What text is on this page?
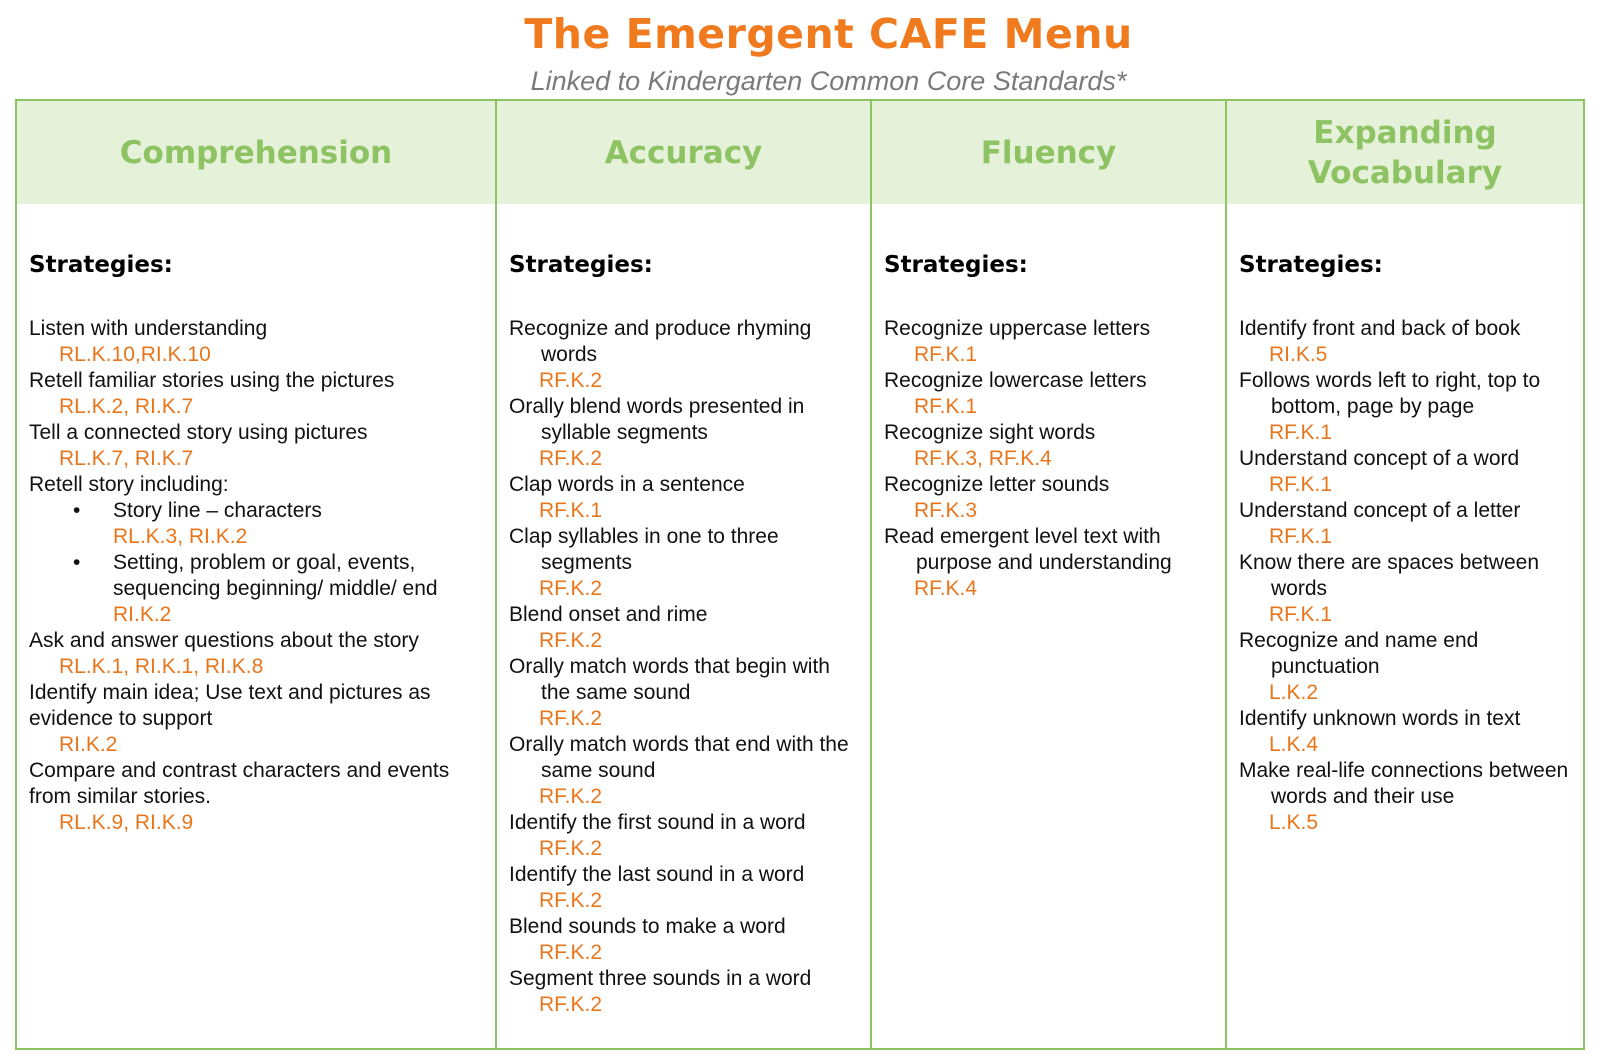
The Emergent CAFE Menu
Linked to Kindergarten Common Core Standards*
Comprehension
Strategies:
Listen with understanding
RL.K.10,RI.K.10
Retell familiar stories using the pictures
RL.K.2, RI.K.7
Tell a connected story using pictures
RL.K.7, RI.K.7
Retell story including:
• Story line – characters
RL.K.3, RI.K.2
• Setting, problem or goal, events, sequencing beginning/ middle/ end
RI.K.2
Ask and answer questions about the story
RL.K.1, RI.K.1, RI.K.8
Identify main idea; Use text and pictures as evidence to support
RI.K.2
Compare and contrast characters and events from similar stories.
RL.K.9, RI.K.9
Accuracy
Strategies:
Recognize and produce rhyming words
RF.K.2
Orally blend words presented in syllable segments
RF.K.2
Clap words in a sentence
RF.K.1
Clap syllables in one to three segments
RF.K.2
Blend onset and rime
RF.K.2
Orally match words that begin with the same sound
RF.K.2
Orally match words that end with the same sound
RF.K.2
Identify the first sound in a word
RF.K.2
Identify the last sound in a word
RF.K.2
Blend sounds to make a word
RF.K.2
Segment three sounds in a word
RF.K.2
Fluency
Strategies:
Recognize uppercase letters
RF.K.1
Recognize lowercase letters
RF.K.1
Recognize sight words
RF.K.3, RF.K.4
Recognize letter sounds
RF.K.3
Read emergent level text with purpose and understanding
RF.K.4
Expanding Vocabulary
Strategies:
Identify front and back of book
RI.K.5
Follows words left to right, top to bottom, page by page
RF.K.1
Understand concept of a word
RF.K.1
Understand concept of a letter
RF.K.1
Know there are spaces between words
RF.K.1
Recognize and name end punctuation
L.K.2
Identify unknown words in text
L.K.4
Make real-life connections between words and their use
L.K.5
